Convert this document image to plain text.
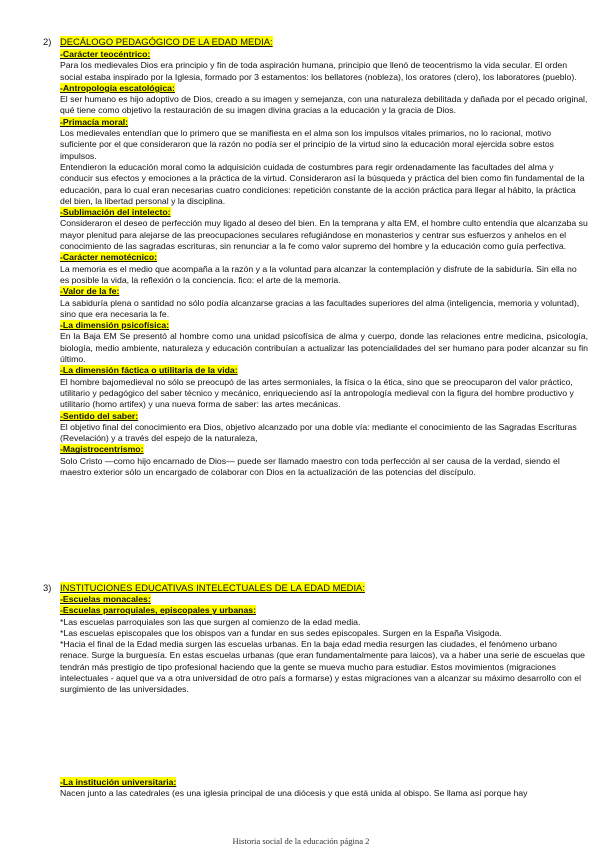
2) DECÁLOGO PEDAGÓGICO DE LA EDAD MEDIA:

-Carácter teocéntrico:

Para los medievales Dios era principio y fin de toda aspiración humana, principio que llenó de teocentrismo la vida secular. El orden social estaba inspirado por la Iglesia, formado por 3 estamentos: los bellatores (nobleza), los oratores (clero), los laboratores (pueblo).

-Antropología escatológica:

El ser humano es hijo adoptivo de Dios, creado a su imagen y semejanza, con una naturaleza debilitada y dañada por el pecado original, qué tiene como objetivo la restauración de su imagen divina gracias a la educación y la gracia de Dios.

-Primacía moral:

Los medievales entendían que lo primero que se manifiesta en el alma son los impulsos vitales primarios, no lo racional, motivo suficiente por el que consideraron que la razón no podía ser el principio de la virtud sino la educación moral ejercida sobre estos impulsos.

Entendieron la educación moral como la adquisición cuidada de costumbres para regir ordenadamente las facultades del alma y conducir sus efectos y emociones a la práctica de la virtud. Consideraron así la búsqueda y práctica del bien como fin fundamental de la educación, para lo cual eran necesarias cuatro condiciones: repetición constante de la acción práctica para llegar al hábito, la práctica del bien, la libertad personal y la disciplina.

-Sublimación del intelecto:

Consideraron el deseo de perfección muy ligado al deseo del bien. En la temprana y alta EM, el hombre culto entendía que alcanzaba su mayor plenitud para alejarse de las preocupaciones seculares refugiándose en monasterios y centrar sus esfuerzos y anhelos en el conocimiento de las sagradas escrituras, sin renunciar a la fe como valor supremo del hombre y la educación como guía perfectiva.

-Carácter nemotécnico:

La memoria es el medio que acompaña a la razón y a la voluntad para alcanzar la contemplación y disfrute de la sabiduría. Sin ella no es posible la vida, la reflexión o la conciencia. fico: el arte de la memoria.

-Valor de la fe:

La sabiduría plena o santidad no sólo podía alcanzarse gracias a las facultades superiores del alma (inteligencia, memoria y voluntad), sino que era necesaria la fe.

-La dimensión psicofísica:

En la Baja EM Se presentó al hombre como una unidad psicofísica de alma y cuerpo, donde las relaciones entre medicina, psicología, biología, medio ambiente, naturaleza y educación contribuían a actualizar las potencialidades del ser humano para poder alcanzar su fin último.

-La dimensión fáctica o utilitaria de la vida:

El hombre bajomedieval no sólo se preocupó de las artes sermoniales, la física o la ética, sino que se preocuparon del valor práctico, utilitario y pedagógico del saber técnico y mecánico, enriqueciendo así la antropología medieval con la figura del hombre productivo y utilitario (homo artifex) y una nueva forma de saber: las artes mecánicas.

-Sentido del saber:

El objetivo final del conocimiento era Dios, objetivo alcanzado por una doble vía: mediante el conocimiento de las Sagradas Escrituras (Revelación) y a través del espejo de la naturaleza,

-Magistrocentrismo:

Solo Cristo —como hijo encarnado de Dios— puede ser llamado maestro con toda perfección al ser causa de la verdad, siendo el maestro exterior sólo un encargado de colaborar con Dios en la actualización de las potencias del discípulo.

3) INSTITUCIONES EDUCATIVAS INTELECTUALES DE LA EDAD MEDIA:

-Escuelas monacales:

-Escuelas parroquiales, episcopales y urbanas:

*Las escuelas parroquiales son las que surgen al comienzo de la edad media.

*Las escuelas episcopales que los obispos van a fundar en sus sedes episcopales. Surgen en la España Visigoda.

*Hacia el final de la Edad media surgen las escuelas urbanas. En la baja edad media resurgen las ciudades, el fenómeno urbano renace. Surge la burguesía. En estas escuelas urbanas (que eran fundamentalmente para laicos), va a haber una serie de escuelas que tendrán más prestigio de tipo profesional haciendo que la gente se mueva mucho para estudiar. Estos movimientos (migraciones intelectuales - aquel que va a otra universidad de otro país a formarse) y estas migraciones van a alcanzar su máximo desarrollo con el surgimiento de las universidades.

-La institución universitaria:

Nacen junto a las catedrales (es una iglesia principal de una diócesis y que está unida al obispo. Se llama así porque hay

Historia social de la educación página 2
